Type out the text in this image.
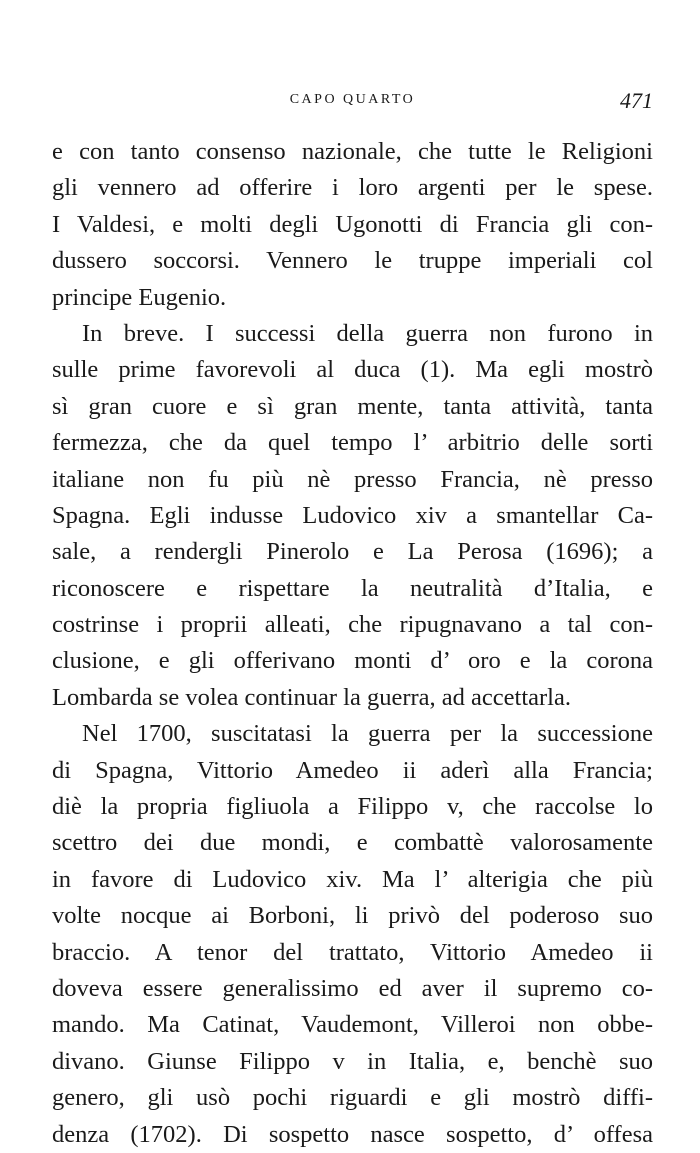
CAPO QUARTO	471
e con tanto consenso nazionale, che tutte le Religioni
gli vennero ad offerire i loro argenti per le spese.
I Valdesi, e molti degli Ugonotti di Francia gli con-
dussero soccorsi. Vennero le truppe imperiali col
principe Eugenio.
In breve. I successi della guerra non furono in
sulle prime favorevoli al duca (1). Ma egli mostrò
sì gran cuore e sì gran mente, tanta attività, tanta
fermezza, che da quel tempo l’ arbitrio delle sorti
italiane non fu più nè presso Francia, nè presso
Spagna. Egli indusse Ludovico xiv a smantellar Ca-
sale, a rendergli Pinerolo e La Perosa (1696); a
riconoscere e rispettare la neutralità d’Italia, e
costrinse i proprii alleati, che ripugnavano a tal con-
clusione, e gli offerivano monti d’ oro e la corona
Lombarda se volea continuar la guerra, ad accettarla.
Nel 1700, suscitatasi la guerra per la successione
di Spagna, Vittorio Amedeo ii aderì alla Francia;
diè la propria figliuola a Filippo v, che raccolse lo
scettro dei due mondi, e combattè valorosamente
in favore di Ludovico xiv. Ma l’ alterigia che più
volte nocque ai Borboni, li privò del poderoso suo
braccio. A tenor del trattato, Vittorio Amedeo ii
doveva essere generalissimo ed aver il supremo co-
mando. Ma Catinat, Vaudemont, Villeroi non obbe-
divano. Giunse Filippo v in Italia, e, benchè suo
genero, gli usò pochi riguardi e gli mostrò diffi-
denza (1702). Di sospetto nasce sospetto, d’ offesa
